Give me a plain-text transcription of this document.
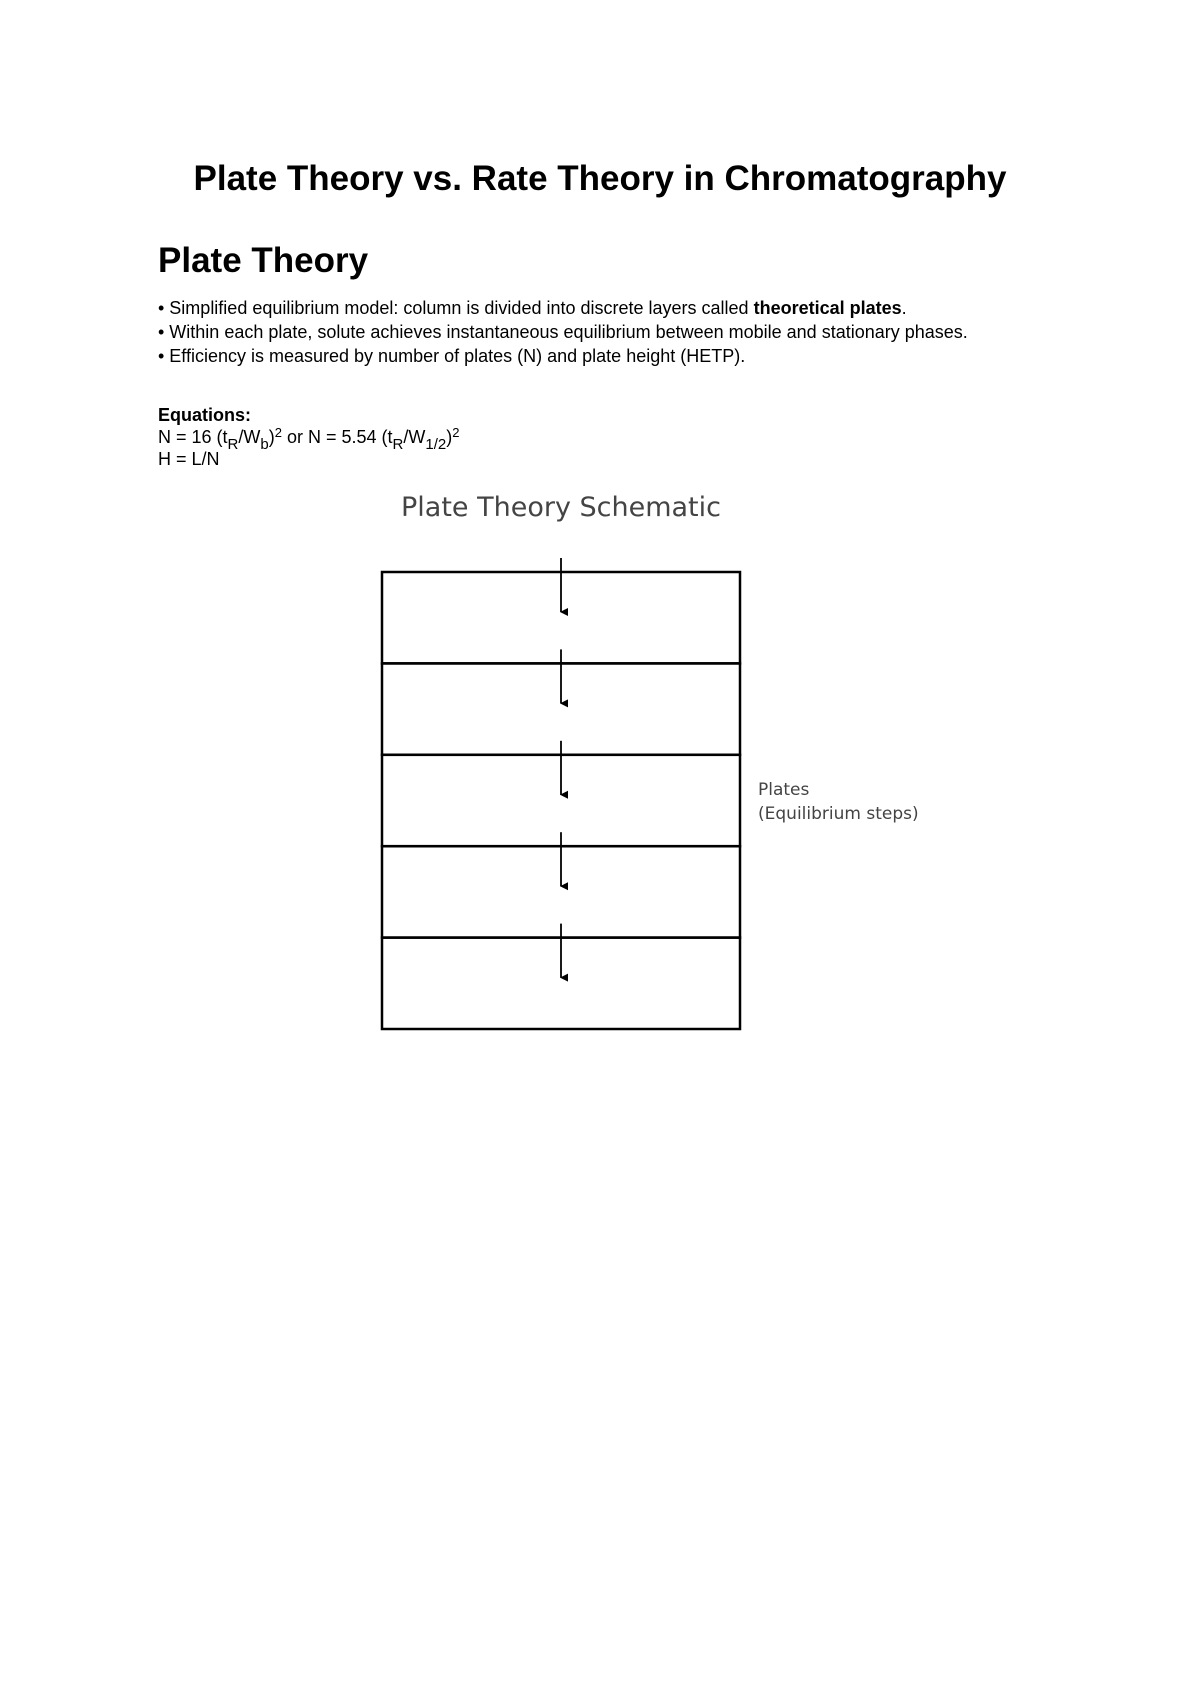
Plate Theory vs. Rate Theory in Chromatography
Plate Theory

• Simplified equilibrium model: column is divided into discrete layers called theoretical plates.

• Within each plate, solute achieves instantaneous equilibrium between mobile and stationary phases.

• Efficiency is measured by number of plates (N) and plate height (HETP).

Equations:

N = 16 $(t_R/W_b)^2$ or N = 5.54 $(t_R/W_{1/2})^2$

H = L/N

Plate Theory Schematic
Plates
(Equilibrium steps)
